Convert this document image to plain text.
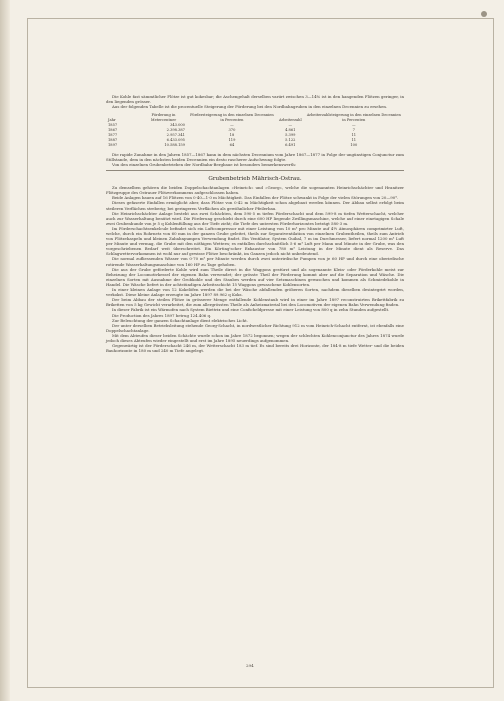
Die Kohle fast sämmtlicher Flötze ist gut kokesbar; die Aschengehalt derselben variirt zwischen 3—14% ist in den hangenden Flötzen geringer, in den liegenden grösser.

Aus der folgenden Tabelle ist die procentuelle Steigerung der Förderung bei den Nordbahngruben in den einzelnen Decennien zu ersehen.

Jahr	Förderung in Metercentner	Fördersteigerung in den einzelnen Decennien in Percenten	Arbeiterzahl	Arbeiterzahlsteigerung in den einzelnen Decennien in Percenten
1857	343.000	—	—	—
1867	2.398.387	370	4.861	7
1877	2.957.341	18	5.399	11
1887	6.433.095	119	5.122	11
1897	10.588.159	64	6.491	100

Die rapide Zunahme in den Jahren 1857—1867 kann in dem nächsten Decennium vom Jahre 1867—1877 in Folge der ungünstigen Conjunctur zum Stillstande, dem in den nächsten beiden Decennien ein desto rascherer Aufschwung folgte.

Von den einzelnen Grubenbetrieben der Nordbahn-Bergbaue ist besonders bemerkenswerth:

Grubenbetrieb Mährisch-Ostrau.

Zu demselben gehören die beiden Doppelschachtanlagen »Heinrich« und »Georg«, welche die sogenannten Heinrichschächter und Hranitzer Flötzgruppe des Ostrauer Flötzverkommens aufgeschlossen haben.

Beide Anlagen bauen auf 16 Flötzen von 0·40—1·0 m Mächtigkeit. Das Einfallen der Flötze schwankt in Folge der vielen Störungen von 20—90°.

Dieses gefaserte Einfallen ermöglicht aber, dass Flötze von 0·42 m Mächtigkeit schon abgebaut werden können. Der Abbau selbst erfolgt beim steileren Verflächen streberig; bei geringeren Verflächen als gewöhnlicher Pfeilerbau.

Die Heinrichschächter Anlage besteht aus zwei Schächten, dem 590·5 m tiefen Förderschacht und dem 599·8 m tiefen Wetterschacht, welcher auch zur Wasserhaltung benützt wird. Die Förderung geschieht durch eine 600 HP liegende Zwillingsmaschine, welche auf einer einetagigen Schale zwei Grubenhunde von je 5 q Kohlenfüllung aus der Tiefe zieht; die Tiefe des untersten Förderhorizontes beträgt 580·3 m.

Im Förderschachtsenkelcule befindet sich ein Luftcompressor mit einer Leistung von 10 m³ pro Minute auf 4½ Atmosphären comprimirter Luft, welche, durch ein Rohrnetz von 60 mm in der ganzen Grube geleitet, theils zur Separatventilation von einzelnen Grubentheilen, theils zum Antrieb von Flötzehaspeln und kleinen Zubahnpumpen Verwendung findet. Ein Ventilator, System Guibal, 7 m im Durchmesser, liefert normal 1200 m³ Luft per Minute und vermag, die Grube mit den nöthigen Wettern; es entfallen durchschnittlich 5·6 m³ Luft per Mann und Minute in der Grube, was den vorgeschriebenen Bedarf weit überschreitet. Ein Körting'scher Exhaustor von 780 m³ Leistung in der Minute dient als Reserve. Das Schlagwettervorkommen ist wohl nur auf gewisse Flötze beschränkt, im Ganzen jedoch nicht unbedeutend.

Die normal zufliessenden Wässer von 0·70 m³ per Minute werden durch zwei unterirdische Pumpen von je 60 HP und durch eine oberirdische rotirende Wasserhaltungsmaschine von 160 HP zu Tage gehoben.

Die aus der Grube geförderte Kohle wird zum Theile direct in die Waggons gestürzt und als sogenannte Klein- oder Förderkohle meist zur Beheizung der Locomotivkessel der eigenen Bahn verwendet; der grösste Theil der Förderung kommt aber auf die Separation und Wäsche. Die einzelnen Sorten mit Ausnahme der Grobkohle und des Staubes werden auf vier Setzmaschinen gewaschen und kommen als Schmiedekohle in Handel. Die Wäsche liefert in der achtstündigen Arbeitsschicht 15 Waggons gewaschene Kohlensorten.

In einer kleinen Anlage von 12 Kokelöfen werden die bei der Wäsche abfallenden gröberen Sorten, nachdem dieselben desintegrirt worden, verkokst. Diese kleine Anlage erzeugte im Jahre 1897 89.962 q Koks.

Der beim Abbau der steilen Flötze in grösserer Menge entfallende Kohlenstaub wird in einer im Jahre 1897 reconstruirten Brikettfabrik zu Briketten von 5 kg Gewicht verarbeitet, die zum allergrössten Theile als Anheizmaterial bei den Locomotiven der eigenen Bahn Verwendung finden.

In dieser Fabrik ist ein Wärmofen nach System Biettrix und eine Conficheldpresse mit einer Leistung von 800 q in zehn Stunden aufgestellt.

Die Production des Jahres 1897 betrug 124.406 q.

Zur Beleuchtung der ganzen Schachtanlage dient elektrisches Licht.

Der unter derselben Betriebsleitung stehende Georg-Schacht, in nordwestlicher Richtung 912 m vom Heinrich-Schacht entfernt, ist ebenfalls eine Doppelschachtanlage.

Mit dem Abteufen dieser beiden Schächte wurde schon im Jahre 1872 begonnen; wegen der schlechten Kohlenconjunctur des Jahres 1874 wurde jedoch dieses Abteufen wieder eingestellt und erst im Jahre 1895 neuerdings aufgenommen.

Gegenwärtig ist der Förderschacht 246 m, der Wetterschacht 183 m tief. Es sind bereits drei Horizonte, der 184·8 m tiefe Wetter- und die beiden Bauhorizonte in 180 m und 240 m Tiefe angelegt.

294
